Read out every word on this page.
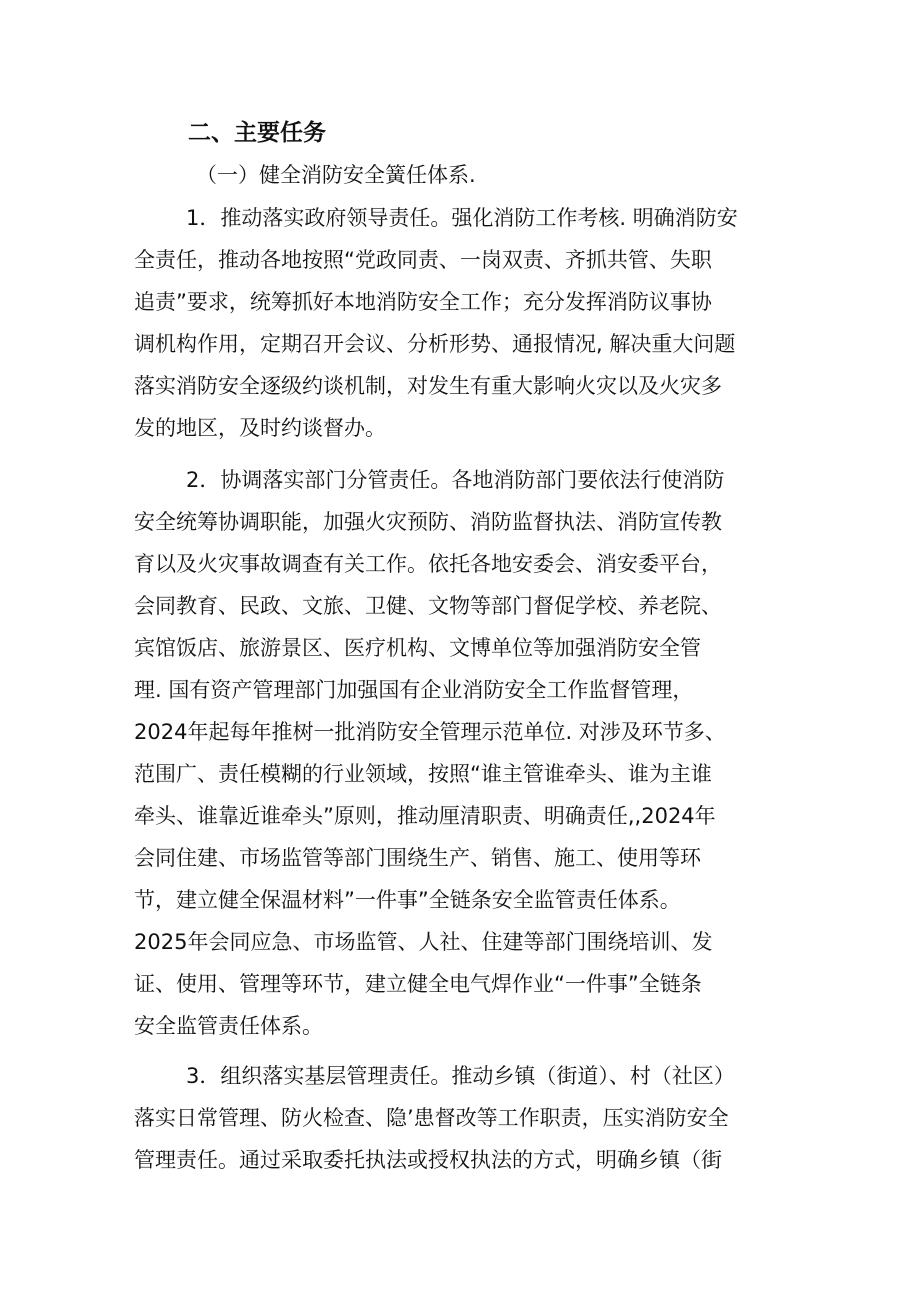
二、主要任务
（一）健全消防安全簧任体系.
1．推动落实政府领导责任。强化消防工作考核. 明确消防安
全责任，推动各地按照“党政同责、一岗双责、齐抓共管、失职
追责”要求，统筹抓好本地消防安全工作；充分发挥消防议事协
调机构作用，定期召开会议、分析形势、通报情况, 解决重大问题
落实消防安全逐级约谈机制，对发生有重大影响火灾以及火灾多
发的地区，及时约谈督办。
2．协调落实部门分管责任。各地消防部门要依法行使消防
安全统筹协调职能，加强火灾预防、消防监督执法、消防宣传教
育以及火灾事故调查有关工作。依托各地安委会、消安委平台，
会同教育、民政、文旅、卫健、文物等部门督促学校、养老院、
宾馆饭店、旅游景区、医疗机构、文博单位等加强消防安全管
理. 国有资产管理部门加强国有企业消防安全工作监督管理，
2024年起每年推树一批消防安全管理示范单位. 对涉及环节多、
范围广、责任模糊的行业领域，按照“谁主管谁牵头、谁为主谁
牵头、谁靠近谁牵头”原则，推动厘清职责、明确责任,,2024年
会同住建、市场监管等部门围绕生产、销售、施工、使用等环
节，建立健全保温材料”一件事”全链条安全监管责任体系。
2025年会同应急、市场监管、人社、住建等部门围绕培训、发
证、使用、管理等环节，建立健全电气焊作业“一件事”全链条
安全监管责任体系。
3．组织落实基层管理责任。推动乡镇（街道）、村（社区）
落实日常管理、防火检查、隐’患督改等工作职责，压实消防安全
管理责任。通过采取委托执法或授权执法的方式，明确乡镇（街
